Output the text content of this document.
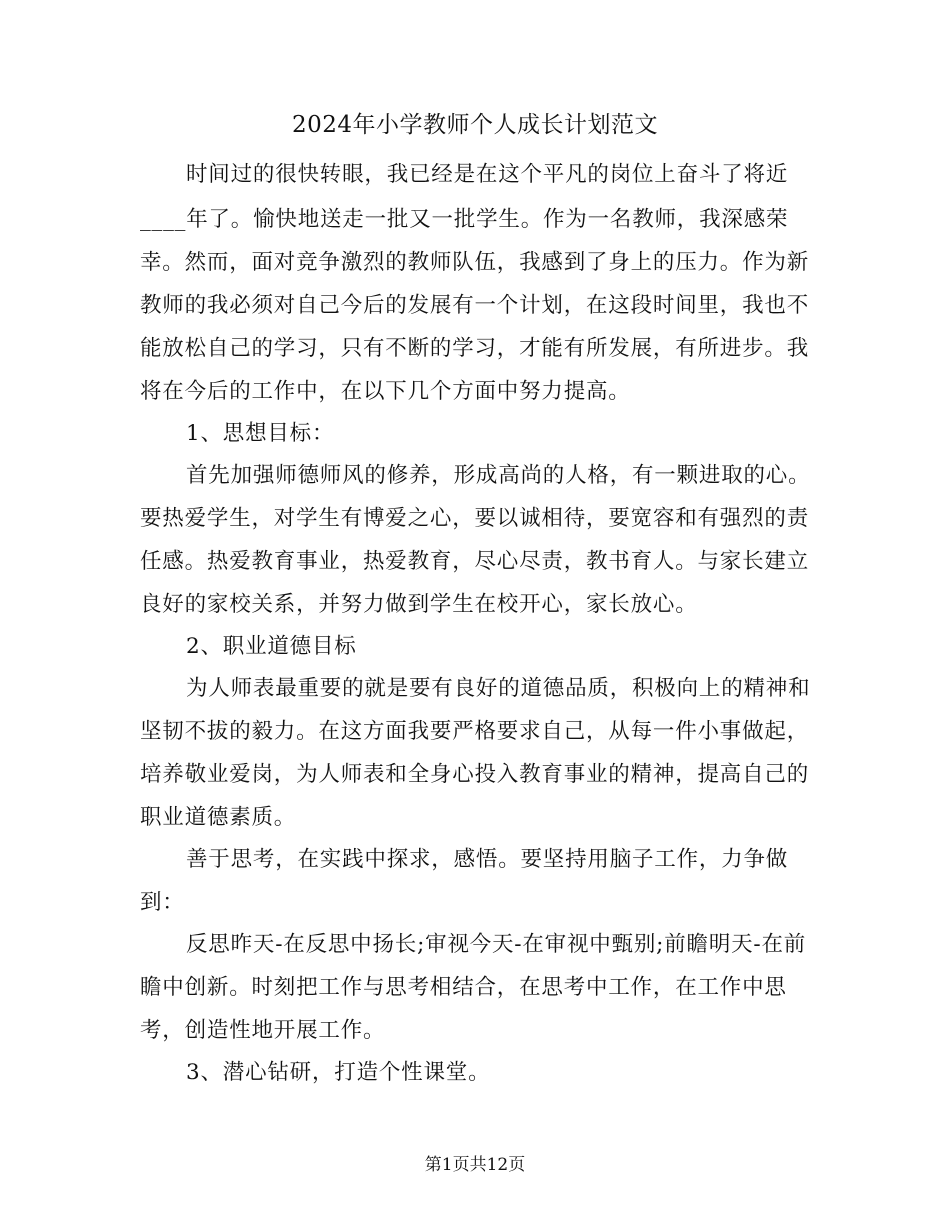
2024年小学教师个人成长计划范文
时间过的很快转眼，我已经是在这个平凡的岗位上奋斗了将近
____年了。愉快地送走一批又一批学生。作为一名教师，我深感荣
幸。然而，面对竞争激烈的教师队伍，我感到了身上的压力。作为新
教师的我必须对自己今后的发展有一个计划，在这段时间里，我也不
能放松自己的学习，只有不断的学习，才能有所发展，有所进步。我
将在今后的工作中，在以下几个方面中努力提高。
1、思想目标：
首先加强师德师风的修养，形成高尚的人格，有一颗进取的心。
要热爱学生，对学生有博爱之心，要以诚相待，要宽容和有强烈的责
任感。热爱教育事业，热爱教育，尽心尽责，教书育人。与家长建立
良好的家校关系，并努力做到学生在校开心，家长放心。
2、职业道德目标
为人师表最重要的就是要有良好的道德品质，积极向上的精神和
坚韧不拔的毅力。在这方面我要严格要求自己，从每一件小事做起，
培养敬业爱岗，为人师表和全身心投入教育事业的精神，提高自己的
职业道德素质。
善于思考，在实践中探求，感悟。要坚持用脑子工作，力争做
到：
反思昨天-在反思中扬长;审视今天-在审视中甄别;前瞻明天-在前
瞻中创新。时刻把工作与思考相结合，在思考中工作，在工作中思
考，创造性地开展工作。
3、潜心钻研，打造个性课堂。
第1页共12页
